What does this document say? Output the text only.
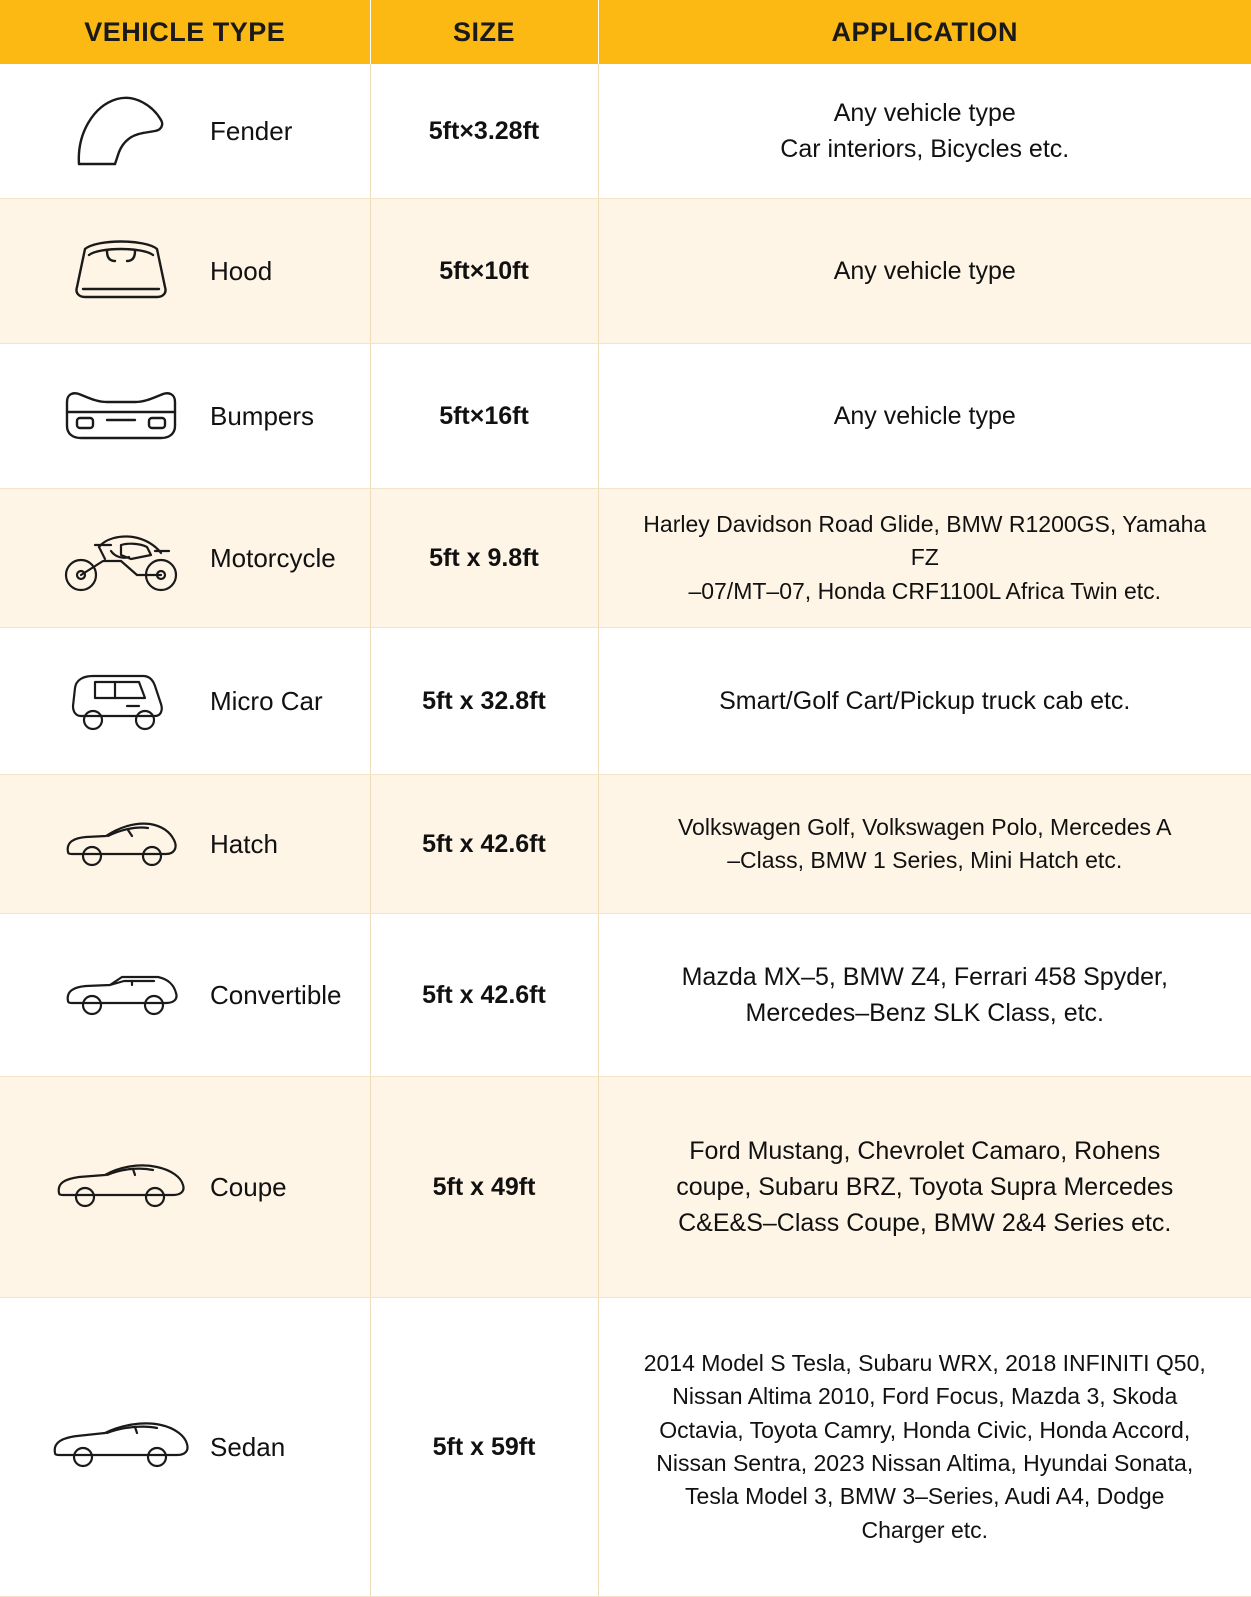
VEHICLE TYPE	SIZE	APPLICATION

Fender	5ft×3.28ft	Any vehicle type
Car interiors, Bicycles etc.

Hood	5ft×10ft	Any vehicle type

Bumpers	5ft×16ft	Any vehicle type

Motorcycle	5ft x 9.8ft	Harley Davidson Road Glide, BMW R1200GS, Yamaha FZ
–07/MT–07, Honda CRF1100L Africa Twin etc.

Micro Car	5ft x 32.8ft	Smart/Golf Cart/Pickup truck cab etc.

Hatch	5ft x 42.6ft	Volkswagen Golf, Volkswagen Polo, Mercedes A
–Class, BMW 1 Series, Mini Hatch etc.

Convertible	5ft x 42.6ft	Mazda MX–5, BMW Z4, Ferrari 458 Spyder,
Mercedes–Benz SLK Class, etc.

Coupe	5ft x 49ft	Ford Mustang, Chevrolet Camaro, Rohens
coupe, Subaru BRZ, Toyota Supra Mercedes
C&E&S–Class Coupe, BMW 2&4 Series etc.

Sedan	5ft x 59ft	
2014 Model S Tesla, Subaru WRX, 2018 INFINITI Q50,
Nissan Altima 2010, Ford Focus, Mazda 3, Skoda
Octavia, Toyota Camry, Honda Civic, Honda Accord,
Nissan Sentra, 2023 Nissan Altima, Hyundai Sonata,
Tesla Model 3, BMW 3–Series, Audi A4, Dodge
Charger etc.
